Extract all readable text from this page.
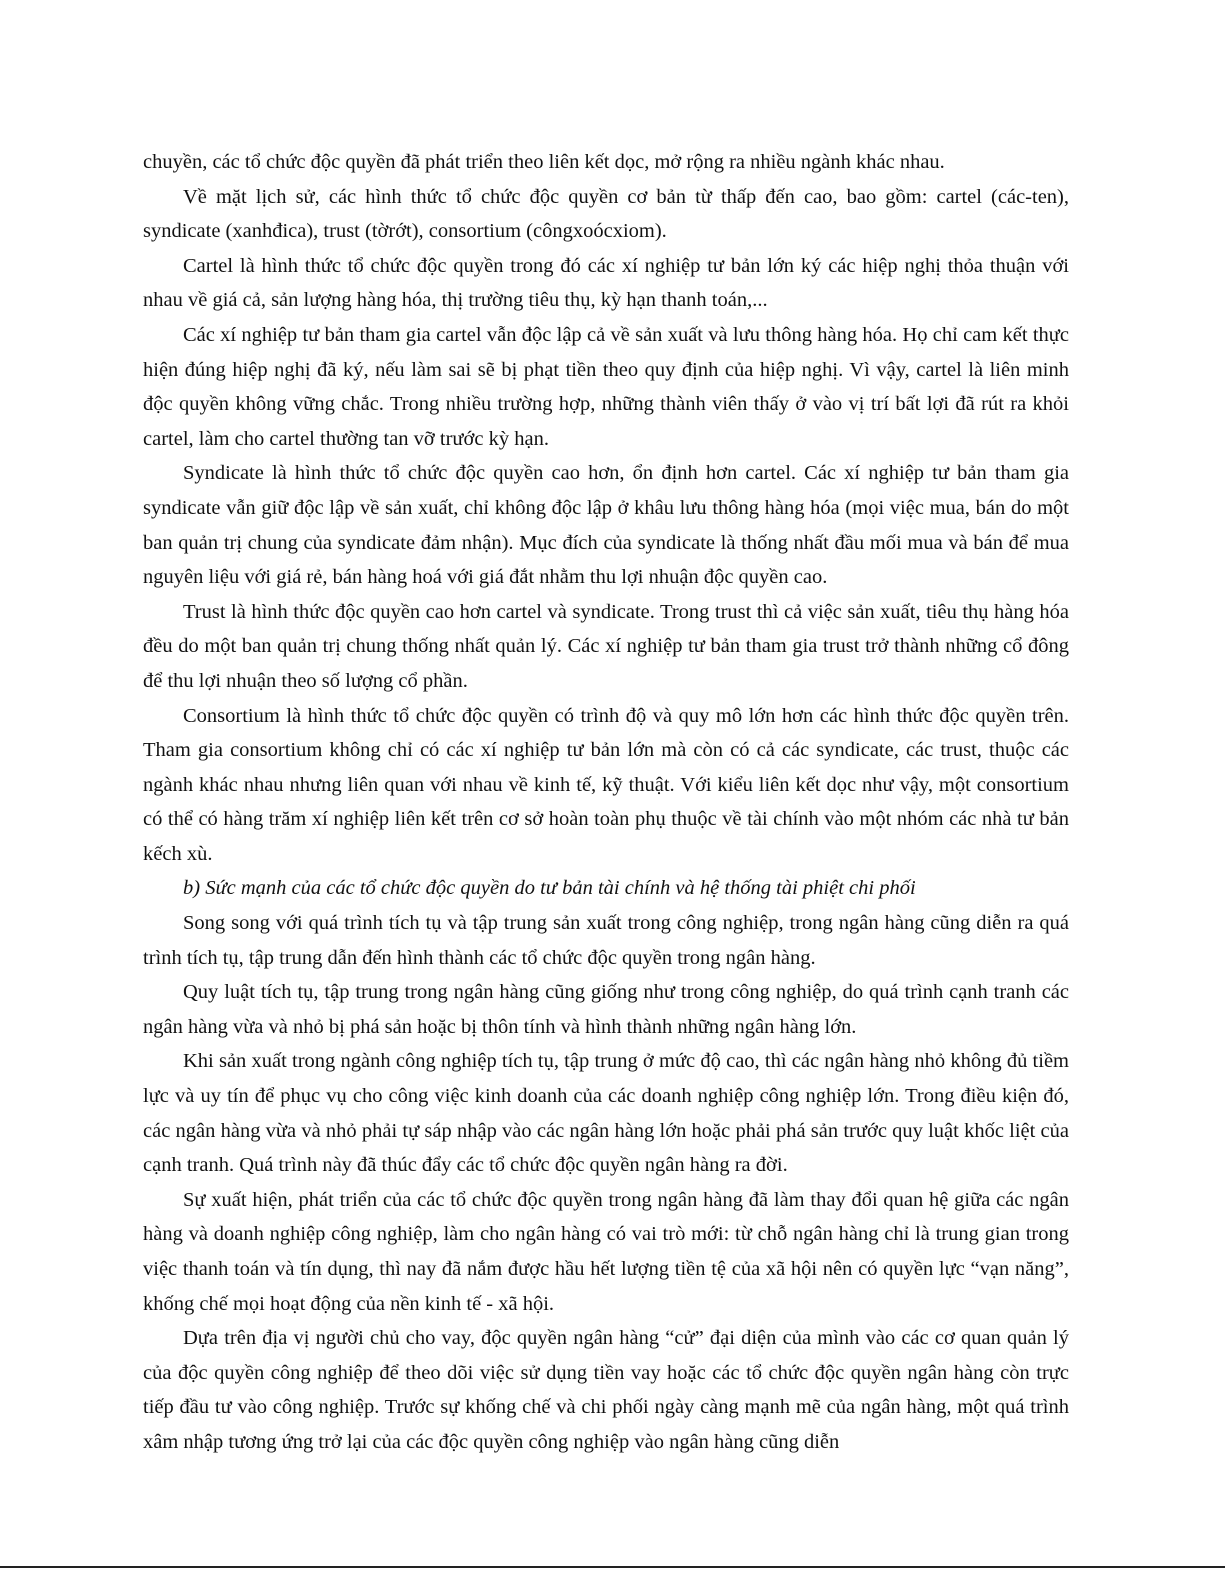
chuyền, các tổ chức độc quyền đã phát triển theo liên kết dọc, mở rộng ra nhiều ngành khác nhau.

Về mặt lịch sử, các hình thức tổ chức độc quyền cơ bản từ thấp đến cao, bao gồm: cartel (các-ten), syndicate (xanhđica), trust (tờrớt), consortium (côngxoócxiom).

Cartel là hình thức tổ chức độc quyền trong đó các xí nghiệp tư bản lớn ký các hiệp nghị thỏa thuận với nhau về giá cả, sản lượng hàng hóa, thị trường tiêu thụ, kỳ hạn thanh toán,...

Các xí nghiệp tư bản tham gia cartel vẫn độc lập cả về sản xuất và lưu thông hàng hóa. Họ chỉ cam kết thực hiện đúng hiệp nghị đã ký, nếu làm sai sẽ bị phạt tiền theo quy định của hiệp nghị. Vì vậy, cartel là liên minh độc quyền không vững chắc. Trong nhiều trường hợp, những thành viên thấy ở vào vị trí bất lợi đã rút ra khỏi cartel, làm cho cartel thường tan vỡ trước kỳ hạn.

Syndicate là hình thức tổ chức độc quyền cao hơn, ổn định hơn cartel. Các xí nghiệp tư bản tham gia syndicate vẫn giữ độc lập về sản xuất, chỉ không độc lập ở khâu lưu thông hàng hóa (mọi việc mua, bán do một ban quản trị chung của syndicate đảm nhận). Mục đích của syndicate là thống nhất đầu mối mua và bán để mua nguyên liệu với giá rẻ, bán hàng hoá với giá đắt nhằm thu lợi nhuận độc quyền cao.

Trust là hình thức độc quyền cao hơn cartel và syndicate. Trong trust thì cả việc sản xuất, tiêu thụ hàng hóa đều do một ban quản trị chung thống nhất quản lý. Các xí nghiệp tư bản tham gia trust trở thành những cổ đông để thu lợi nhuận theo số lượng cổ phần.

Consortium là hình thức tổ chức độc quyền có trình độ và quy mô lớn hơn các hình thức độc quyền trên. Tham gia consortium không chỉ có các xí nghiệp tư bản lớn mà còn có cả các syndicate, các trust, thuộc các ngành khác nhau nhưng liên quan với nhau về kinh tế, kỹ thuật. Với kiểu liên kết dọc như vậy, một consortium có thể có hàng trăm xí nghiệp liên kết trên cơ sở hoàn toàn phụ thuộc về tài chính vào một nhóm các nhà tư bản kếch xù.

b) Sức mạnh của các tổ chức độc quyền do tư bản tài chính và hệ thống tài phiệt chi phối

Song song với quá trình tích tụ và tập trung sản xuất trong công nghiệp, trong ngân hàng cũng diễn ra quá trình tích tụ, tập trung dẫn đến hình thành các tổ chức độc quyền trong ngân hàng.

Quy luật tích tụ, tập trung trong ngân hàng cũng giống như trong công nghiệp, do quá trình cạnh tranh các ngân hàng vừa và nhỏ bị phá sản hoặc bị thôn tính và hình thành những ngân hàng lớn.

Khi sản xuất trong ngành công nghiệp tích tụ, tập trung ở mức độ cao, thì các ngân hàng nhỏ không đủ tiềm lực và uy tín để phục vụ cho công việc kinh doanh của các doanh nghiệp công nghiệp lớn. Trong điều kiện đó, các ngân hàng vừa và nhỏ phải tự sáp nhập vào các ngân hàng lớn hoặc phải phá sản trước quy luật khốc liệt của cạnh tranh. Quá trình này đã thúc đẩy các tổ chức độc quyền ngân hàng ra đời.

Sự xuất hiện, phát triển của các tổ chức độc quyền trong ngân hàng đã làm thay đổi quan hệ giữa các ngân hàng và doanh nghiệp công nghiệp, làm cho ngân hàng có vai trò mới: từ chỗ ngân hàng chỉ là trung gian trong việc thanh toán và tín dụng, thì nay đã nắm được hầu hết lượng tiền tệ của xã hội nên có quyền lực “vạn năng”, khống chế mọi hoạt động của nền kinh tế - xã hội.

Dựa trên địa vị người chủ cho vay, độc quyền ngân hàng “cử” đại diện của mình vào các cơ quan quản lý của độc quyền công nghiệp để theo dõi việc sử dụng tiền vay hoặc các tổ chức độc quyền ngân hàng còn trực tiếp đầu tư vào công nghiệp. Trước sự khống chế và chi phối ngày càng mạnh mẽ của ngân hàng, một quá trình xâm nhập tương ứng trở lại của các độc quyền công nghiệp vào ngân hàng cũng diễn
